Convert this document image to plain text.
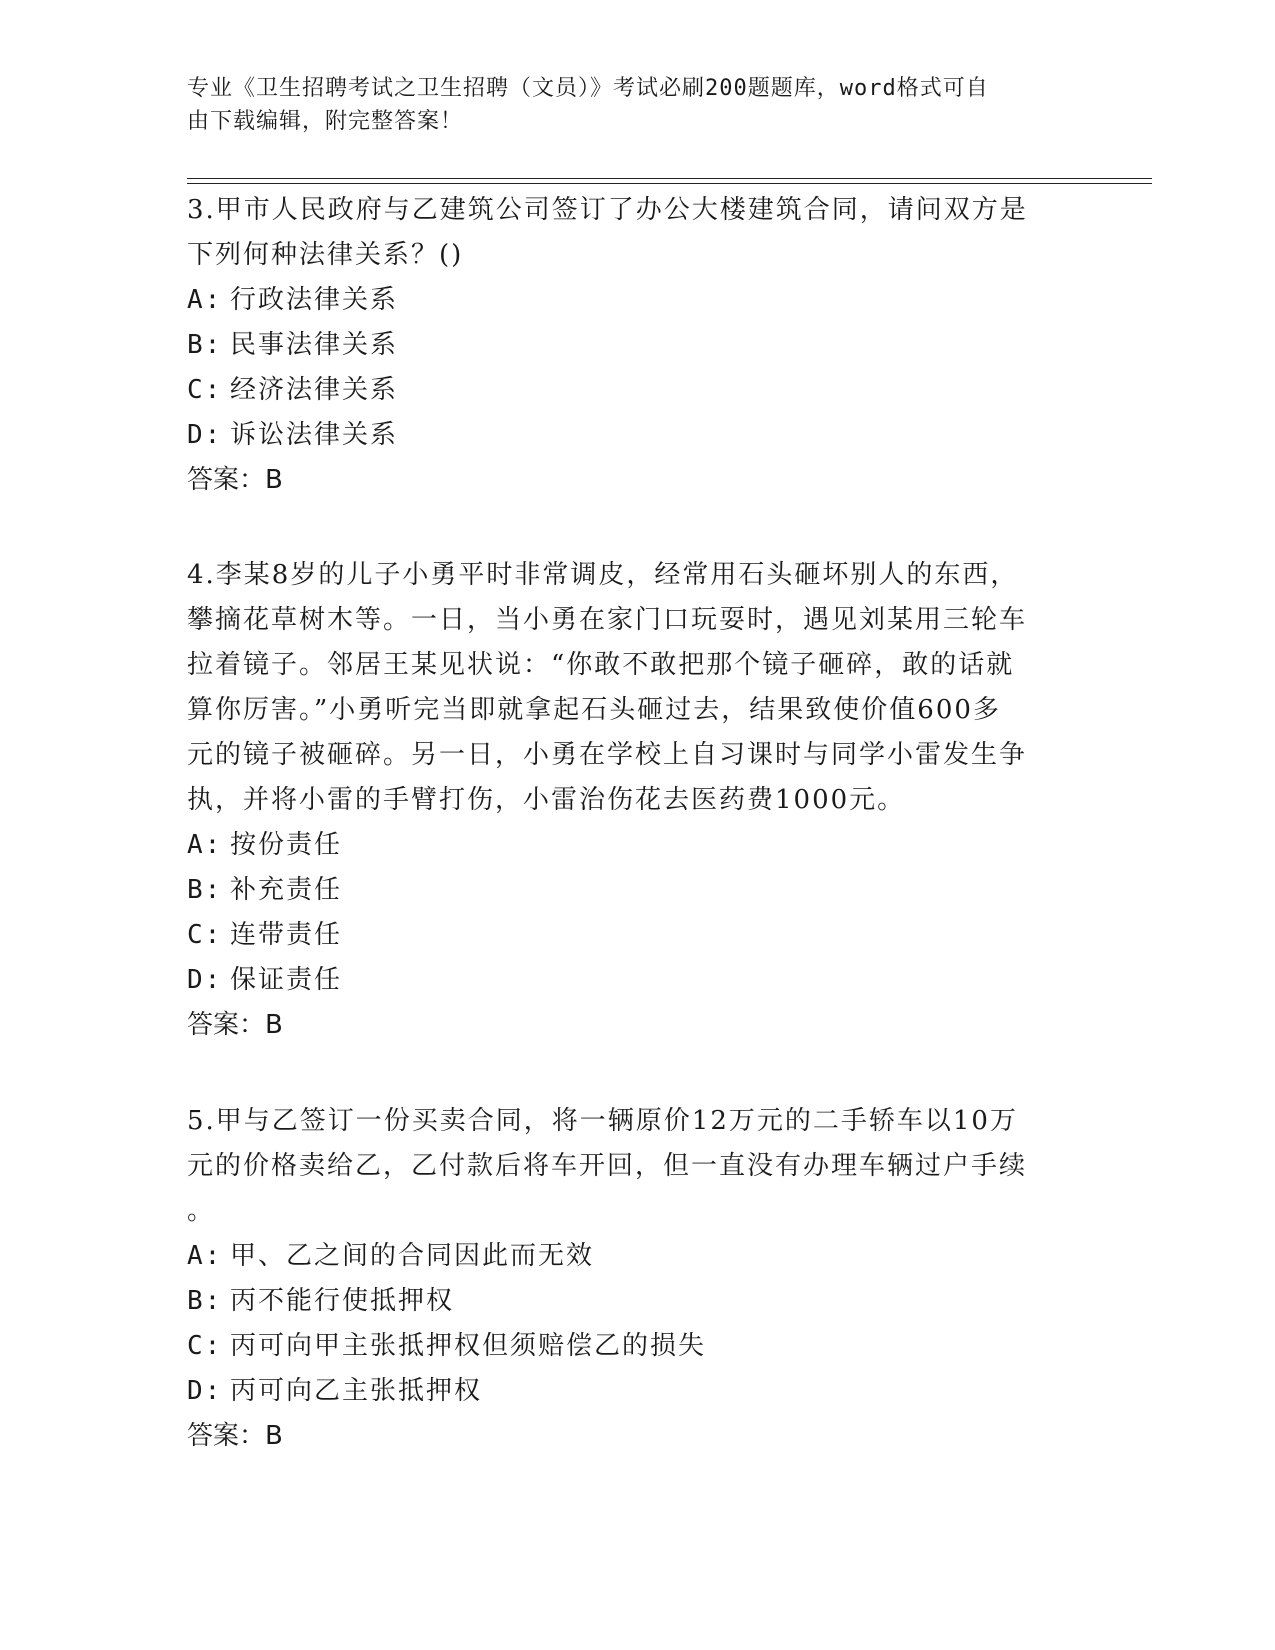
专业《卫生招聘考试之卫生招聘（文员）》考试必刷200题题库，word格式可自
由下载编辑，附完整答案！

3.甲市人民政府与乙建筑公司签订了办公大楼建筑合同，请问双方是

下列何种法律关系？()

A: 行政法律关系

B: 民事法律关系

C: 经济法律关系

D: 诉讼法律关系

答案：B

4.李某8岁的儿子小勇平时非常调皮，经常用石头砸坏别人的东西，

攀摘花草树木等。一日，当小勇在家门口玩耍时，遇见刘某用三轮车

拉着镜子。邻居王某见状说：“你敢不敢把那个镜子砸碎，敢的话就

算你厉害。”小勇听完当即就拿起石头砸过去，结果致使价值600多

元的镜子被砸碎。另一日，小勇在学校上自习课时与同学小雷发生争

执，并将小雷的手臂打伤，小雷治伤花去医药费1000元。

A: 按份责任

B: 补充责任

C: 连带责任

D: 保证责任

答案：B

5.甲与乙签订一份买卖合同，将一辆原价12万元的二手轿车以10万

元的价格卖给乙，乙付款后将车开回，但一直没有办理车辆过户手续

。

A: 甲、乙之间的合同因此而无效

B: 丙不能行使抵押权

C: 丙可向甲主张抵押权但须赔偿乙的损失

D: 丙可向乙主张抵押权

答案：B
